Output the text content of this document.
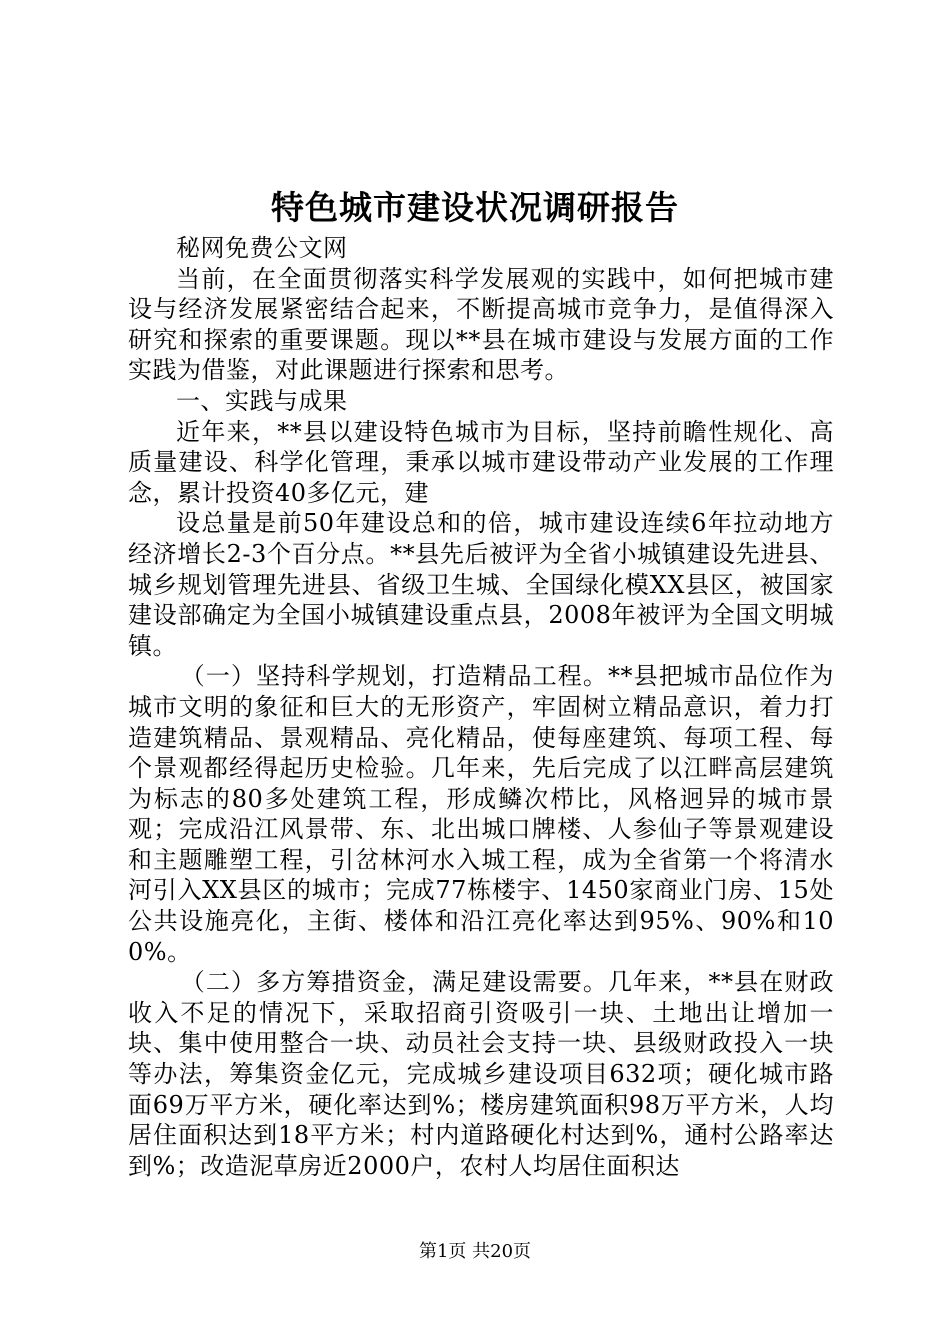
特色城市建设状况调研报告

秘网免费公文网

当前，在全面贯彻落实科学发展观的实践中，如何把城市建设与经济发展紧密结合起来，不断提高城市竞争力，是值得深入研究和探索的重要课题。现以**县在城市建设与发展方面的工作实践为借鉴，对此课题进行探索和思考。

一、实践与成果

近年来，**县以建设特色城市为目标，坚持前瞻性规化、高质量建设、科学化管理，秉承以城市建设带动产业发展的工作理念，累计投资40多亿元，建

设总量是前50年建设总和的倍，城市建设连续6年拉动地方经济增长2-3个百分点。**县先后被评为全省小城镇建设先进县、城乡规划管理先进县、省级卫生城、全国绿化模XX县区，被国家建设部确定为全国小城镇建设重点县，2008年被评为全国文明城镇。

（一）坚持科学规划，打造精品工程。**县把城市品位作为城市文明的象征和巨大的无形资产，牢固树立精品意识，着力打造建筑精品、景观精品、亮化精品，使每座建筑、每项工程、每个景观都经得起历史检验。几年来，先后完成了以江畔高层建筑为标志的80多处建筑工程，形成鳞次栉比，风格迥异的城市景观；完成沿江风景带、东、北出城口牌楼、人参仙子等景观建设和主题雕塑工程，引岔林河水入城工程，成为全省第一个将清水河引入XX县区的城市；完成77栋楼宇、1450家商业门房、15处公共设施亮化，主街、楼体和沿江亮化率达到95%、90%和100%。

（二）多方筹措资金，满足建设需要。几年来，**县在财政收入不足的情况下，采取招商引资吸引一块、土地出让增加一块、集中使用整合一块、动员社会支持一块、县级财政投入一块等办法，筹集资金亿元，完成城乡建设项目632项；硬化城市路面69万平方米，硬化率达到%；楼房建筑面积98万平方米，人均居住面积达到18平方米；村内道路硬化村达到%，通村公路率达到%；改造泥草房近2000户，农村人均居住面积达

第1页 共20页
